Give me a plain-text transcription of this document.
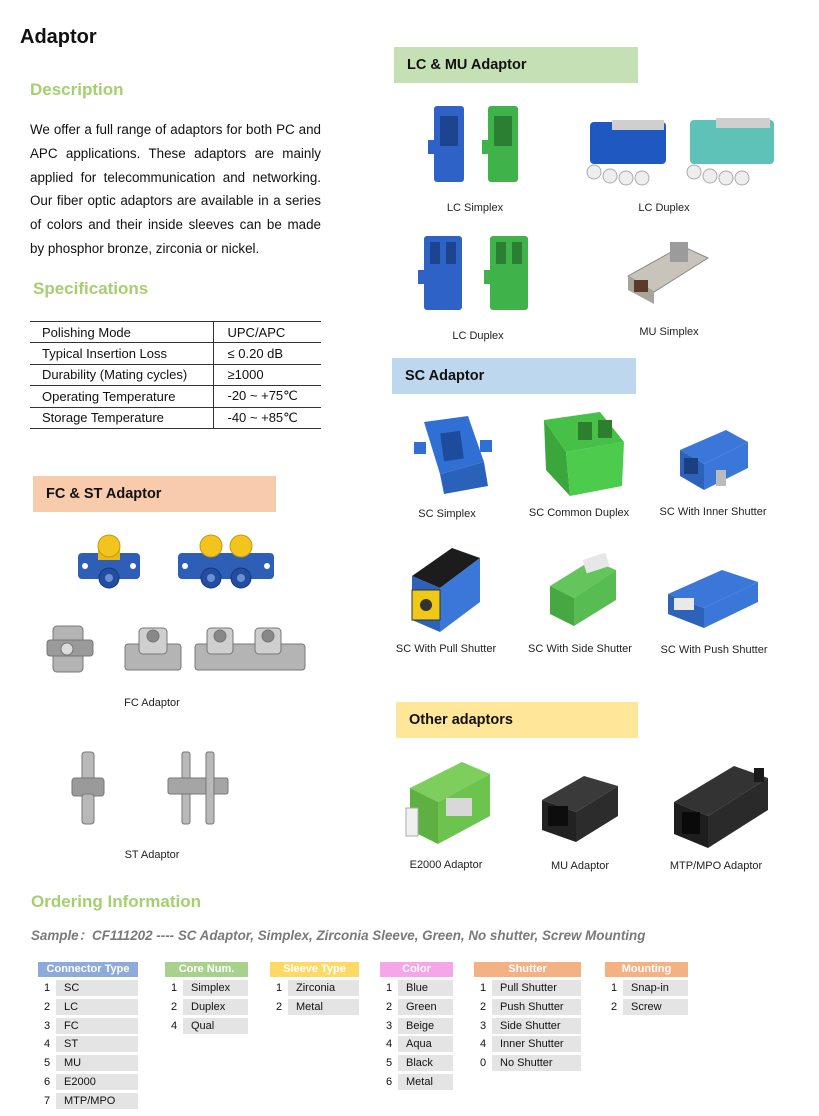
Adaptor
Description
We offer a full range of adaptors for both PC and APC applications. These adaptors are mainly applied for telecommunication and networking. Our fiber optic adaptors are available in a series of colors and their inside sleeves can be made by phosphor bronze, zirconia or nickel.
Specifications
Polishing Mode	UPC/APC
Typical Insertion Loss	≤ 0.20 dB
Durability (Mating cycles)	≥1000
Operating Temperature	-20 ~ +75℃
Storage Temperature	-40 ~ +85℃
FC & ST Adaptor
FC Adaptor
ST Adaptor
LC & MU Adaptor
LC Simplex	LC Duplex
LC Duplex	MU Simplex
SC Adaptor
SC Simplex	SC Common Duplex	SC With Inner Shutter
SC With Pull Shutter	SC With Side Shutter	SC With Push Shutter
Other adaptors
E2000 Adaptor	MU Adaptor	MTP/MPO Adaptor
Ordering Information
Sample：CF111202 ---- SC Adaptor, Simplex, Zirconia Sleeve, Green, No shutter, Screw Mounting
Connector Type
1	SC
2	LC
3	FC
4	ST
5	MU
6	E2000
7	MTP/MPO
Core Num.
1	Simplex
2	Duplex
4	Qual
Sleeve Type
1	Zirconia
2	Metal
Color
1	Blue
2	Green
3	Beige
4	Aqua
5	Black
6	Metal
Shutter
1	Pull Shutter
2	Push Shutter
3	Side Shutter
4	Inner Shutter
0	No Shutter
Mounting
1	Snap-in
2	Screw
